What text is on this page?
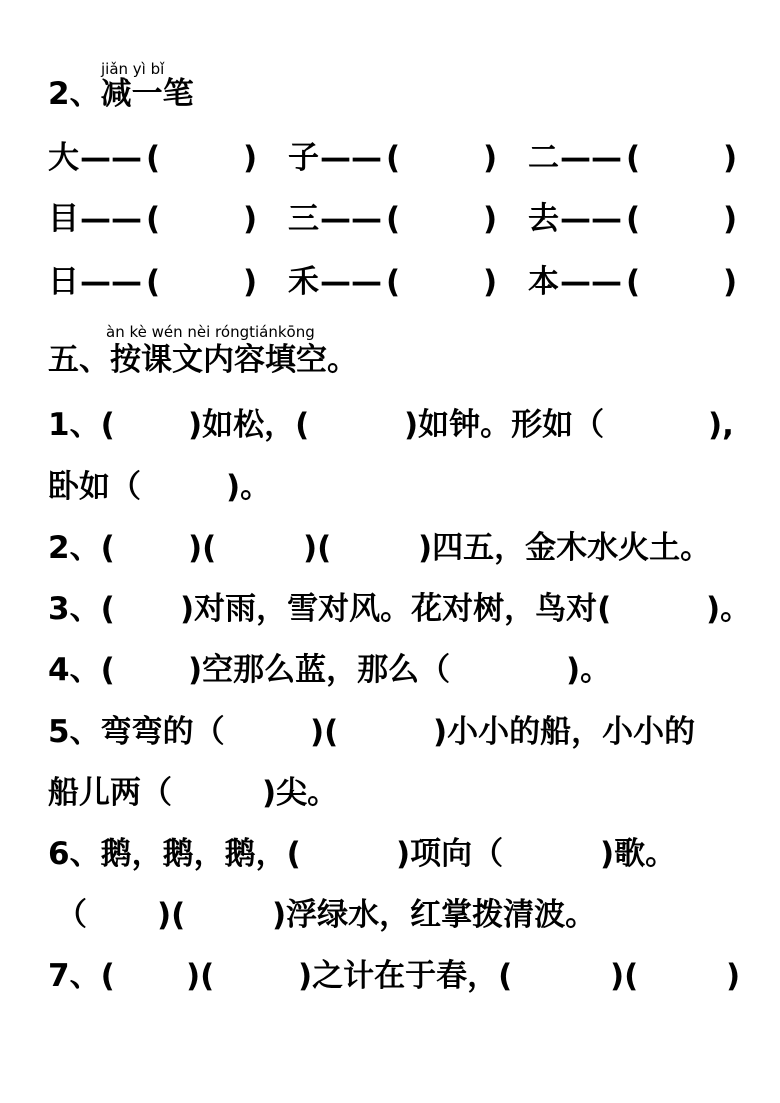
jiǎn yì bǐ
2、减一笔
大 —— (	) 子 —— (	) 二 —— (	)
目 —— (	) 三 —— (	) 去 —— (	)
日 —— (	) 禾 —— (	) 本 —— (	)
àn kè wén nèi róngtiánkōng
五、按课文内容填空。
1、( )如松，(	)如钟。形如（	),
卧如（	)。
2、( )(	)(	)四五，金木水火土。
3、( )对雨，雪对风。花对树，鸟对(	)。
4、( )空那么蓝，那么（	)。
5、弯弯的（	)(	)小小的船，小小的
船儿两（	)尖。
6、鹅，鹅，鹅，(	)项向（	)歌。
（ )(	)浮绿水，红掌拨清波。
7、( )(	)之计在于春，(	)(	)
